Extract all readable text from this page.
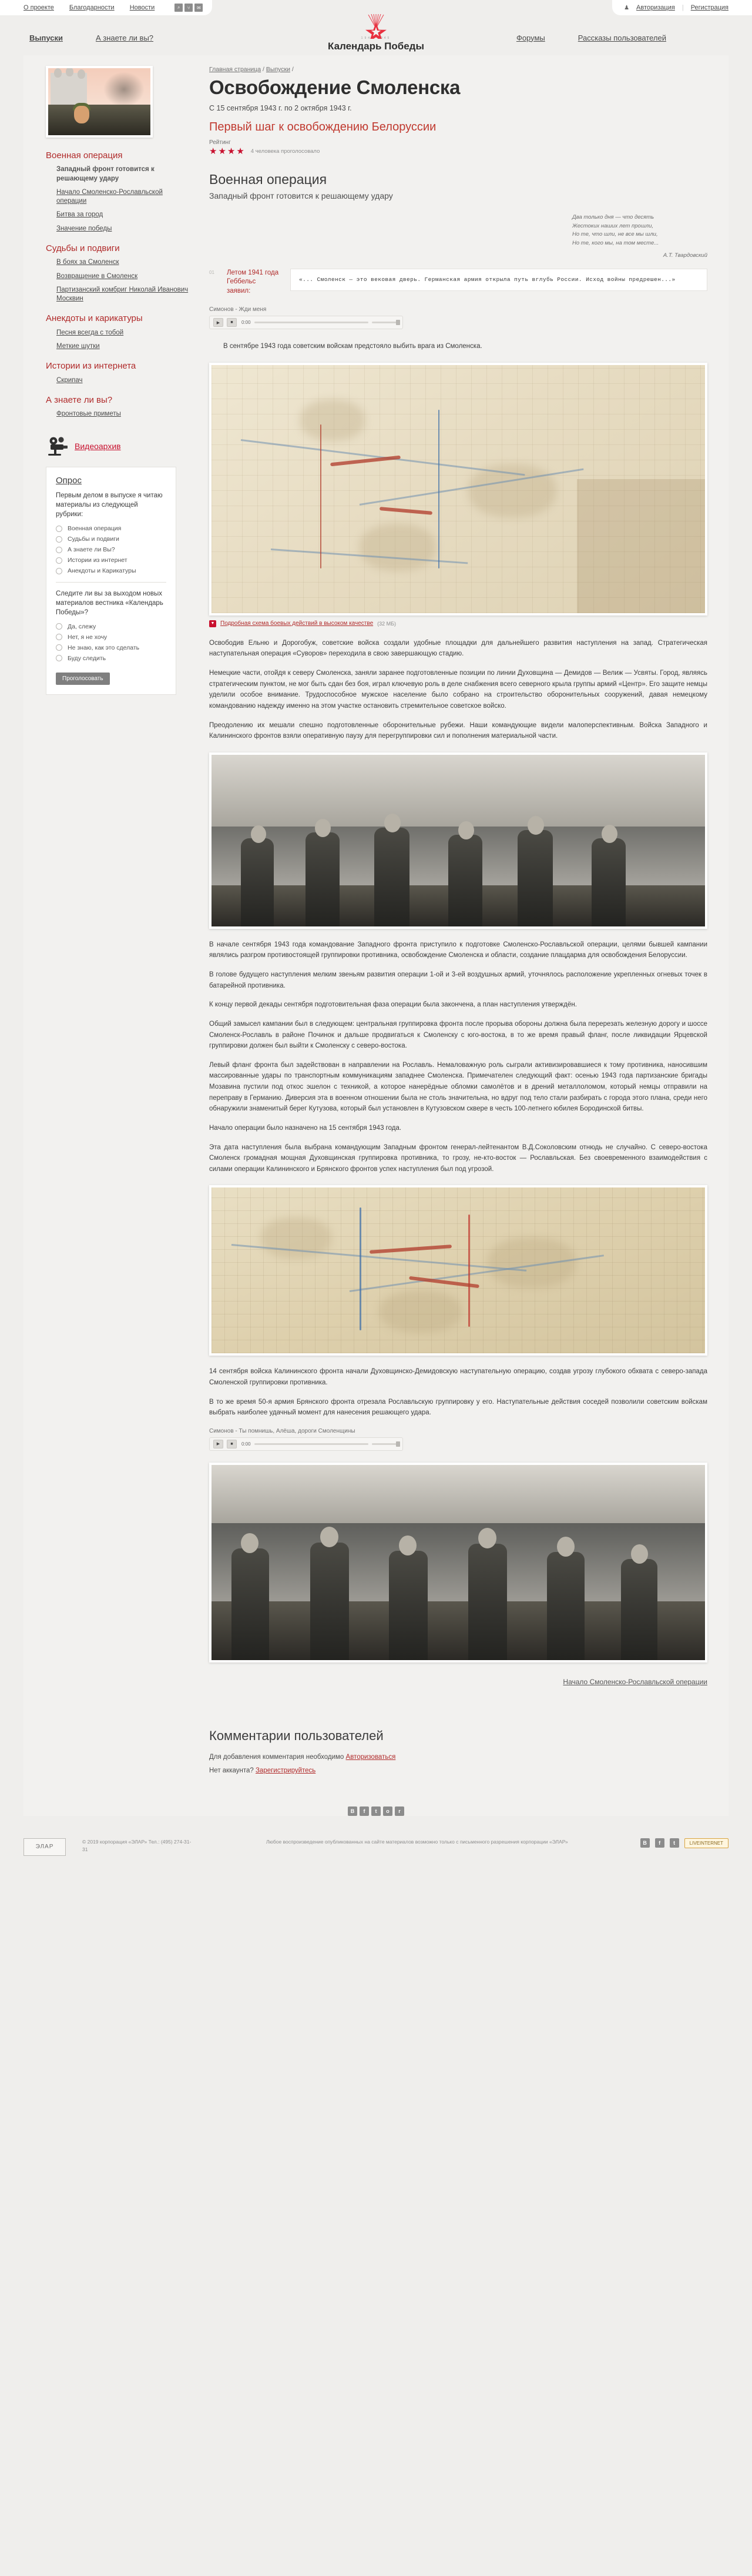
О проекте Благодарности Новости	⌕	⑂	✉	♟ Авторизация | Регистрация
Выпуски	А знаете ли вы?	1941 1945
Календарь Победы
Форумы	Рассказы пользователей
Военная операция
Западный фронт готовится к решающему удару
Начало Смоленско-Рославльской операции
Битва за город
Значение победы
Судьбы и подвиги
В боях за Смоленск
Возвращение в Смоленск
Партизанский комбриг Николай Иванович Москвин
Анекдоты и карикатуры
Песня всегда с тобой
Меткие шутки
Истории из интернета
Скрипач
А знаете ли вы?
Фронтовые приметы
Видеоархив
Опрос
Первым делом в выпуске я читаю материалы из следующей рубрики:
Военная операция
Судьбы и подвиги
А знаете ли Вы?
Истории из интернет
Анекдоты и Карикатуры
Следите ли вы за выходом новых материалов вестника «Календарь Победы»?
Да, слежу
Нет, я не хочу
Не знаю, как это сделать
Буду следить
Проголосовать
Главная страница / Выпуски /
Освобождение Смоленска
С 15 сентября 1943 г. по 2 октября 1943 г.
Первый шаг к освобождению Белоруссии
Рейтинг
★★★★ 4 человека проголосовало
Военная операция
Западный фронт готовится к решающему удару
Два только дня — что десять
Жестоких наших лет прошли,
Но те, что шли, не все мы шли,
Но те, кого мы, на том месте...
А.Т. Твардовский
01	Летом 1941 года Геббельс заявил:
«... Смоленск — это вековая дверь. Германская армия открыла путь вглубь России. Исход войны предрешен...»
Симонов - Жди меня
▶	■	0:00

В сентябре 1943 года советским войскам предстояло выбить врага из Смоленска.

▼ Подробная схема боевых действий в высоком качестве (32 МБ)

Освободив Ельню и Дорогобуж, советские войска создали удобные площадки для дальнейшего развития наступления на запад. Стратегическая наступательная операция «Суворов» переходила в свою завершающую стадию.

Немецкие части, отойдя к северу Смоленска, заняли заранее подготовленные позиции по линии Духовщина — Демидов — Велиж — Усвяты. Город, являясь стратегическим пунктом, не мог быть сдан без боя, играл ключевую роль в деле снабжения всего северного крыла группы армий «Центр». Его защите немцы уделили особое внимание. Трудоспособное мужское население было собрано на строительство оборонительных сооружений, давая немецкому командованию надежду именно на этом участке остановить стремительное советское войско.

Преодолению их мешали спешно подготовленные оборонительные рубежи. Наши командующие видели малоперспективным. Войска Западного и Калининского фронтов взяли оперативную паузу для перегруппировки сил и пополнения материальной части.

В начале сентября 1943 года командование Западного фронта приступило к подготовке Смоленско-Рославльской операции, целями бывшей кампании являлись разгром противостоящей группировки противника, освобождение Смоленска и области, создание плацдарма для освобождения Белоруссии.

В голове будущего наступления мелким звеньям развития операции 1-ой и 3-ей воздушных армий, уточнялось расположение укрепленных огневых точек в батарейной противника.

К концу первой декады сентября подготовительная фаза операции была закончена, а план наступления утверждён.

Общий замысел кампании был в следующем: центральная группировка фронта после прорыва обороны должна была перерезать железную дорогу и шоссе Смоленск-Рославль в районе Починок и дальше продвигаться к Смоленску с юго-востока, в то же время правый фланг, после ликвидации Ярцевской группировки должен был выйти к Смоленску с северо-востока.

Левый фланг фронта был задействован в направлении на Рославль. Немаловажную роль сыграли активизировавшиеся к тому противника, наносившим массированные удары по транспортным коммуникациям западнее Смоленска. Примечателен следующий факт: осенью 1943 года партизанские бригады Мозавина пустили под откос эшелон с техникой, а которое нанерёдные обломки самолётов и в дрений металлоломом, который немцы отправили на переправу в Германию. Диверсия эта в военном отношении была не столь значительна, но вдруг под тело стали разбирать с города этого плана, среди него обнаружили знаменитый берег Кутузова, который был установлен в Кутузовском сквере в честь 100-летнего юбилея Бородинской битвы.

Начало операции было назначено на 15 сентября 1943 года.

Эта дата наступления была выбрана командующим Западным фронтом генерал-лейтенантом В.Д.Соколовским отнюдь не случайно. С северо-востока Смоленск громадная мощная Духовщинская группировка противника, то грозу, не-кто-восток — Рославльская. Без своевременного взаимодействия с силами операции Калининского и Брянского фронтов успех наступления был под угрозой.

14 сентября войска Калининского фронта начали Духовщинско-Демидовскую наступательную операцию, создав угрозу глубокого обхвата с северо-запада Смоленской группировки противника.

В то же время 50-я армия Брянского фронта отрезала Рославльскую группировку у его. Наступательные действия соседей позволили советским войскам выбрать наиболее удачный момент для нанесения решающего удара.

Симонов - Ты помнишь, Алёша, дороги Смоленщины
▶	■	0:00
Начало Смоленско-Рославльской операции
Комментарии пользователей

Для добавления комментария необходимо Авторизоваться

Нет аккаунта? Зарегистрируйтесь

B	f	t	o	r
ЭЛАР
© 2019 корпорация «ЭЛАР» Тел.: (495) 274-31-31
Любое воспроизведение опубликованных на сайте материалов возможно только с письменного разрешения корпорации «ЭЛАР»	B	f	t	LIVEINTERNET
